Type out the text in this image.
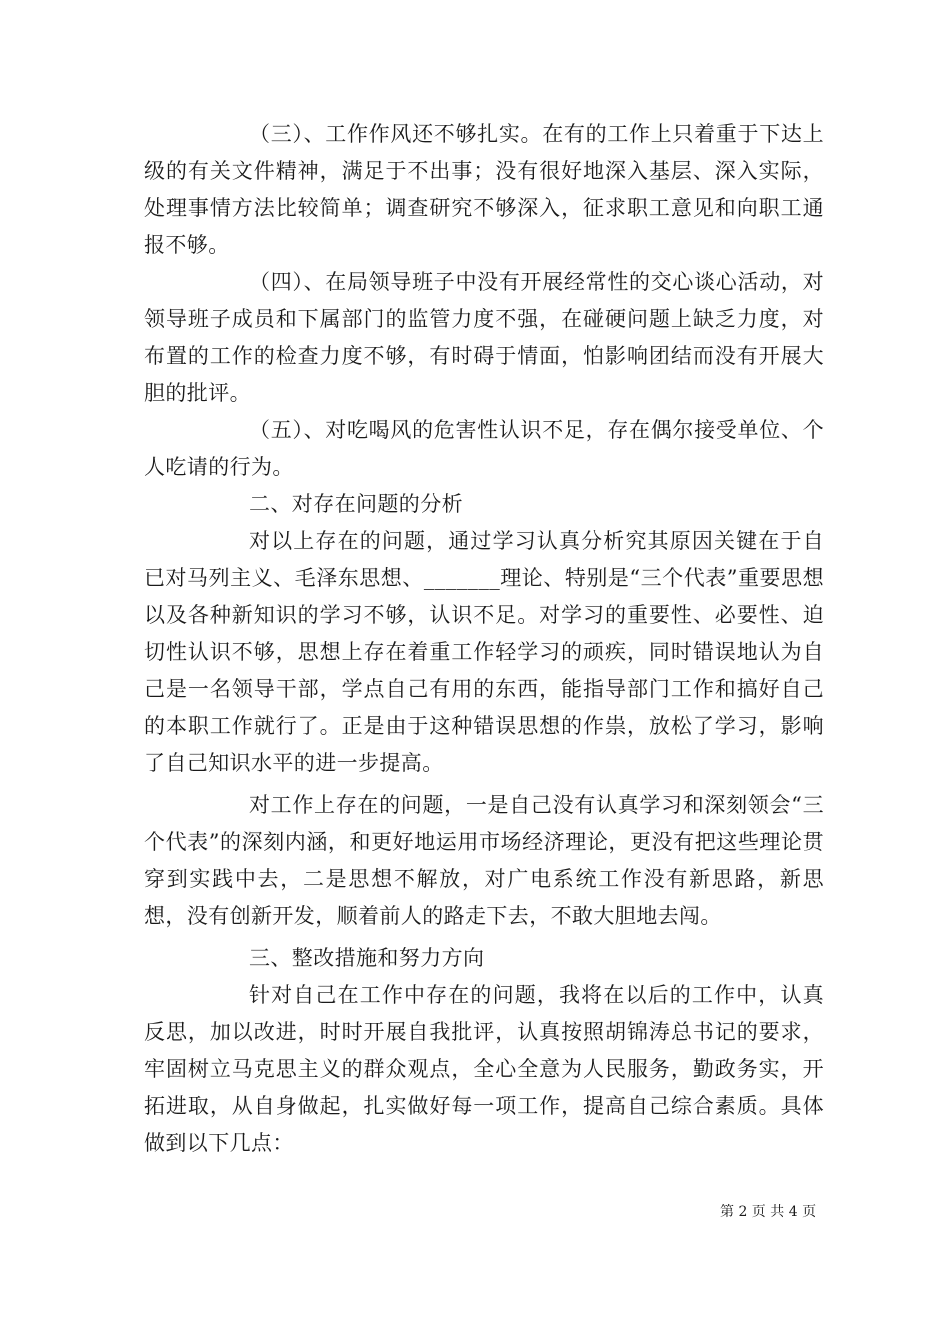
（三）、工作作风还不够扎实。在有的工作上只着重于下达上级的有关文件精神，满足于不出事；没有很好地深入基层、深入实际，处理事情方法比较简单；调查研究不够深入，征求职工意见和向职工通报不够。

（四）、在局领导班子中没有开展经常性的交心谈心活动，对领导班子成员和下属部门的监管力度不强，在碰硬问题上缺乏力度，对布置的工作的检查力度不够，有时碍于情面，怕影响团结而没有开展大胆的批评。

（五）、对吃喝风的危害性认识不足，存在偶尔接受单位、个人吃请的行为。

二、对存在问题的分析

对以上存在的问题，通过学习认真分析究其原因关键在于自已对马列主义、毛泽东思想、_______理论、特别是“三个代表”重要思想以及各种新知识的学习不够，认识不足。对学习的重要性、必要性、迫切性认识不够，思想上存在着重工作轻学习的顽疾，同时错误地认为自己是一名领导干部，学点自己有用的东西，能指导部门工作和搞好自己的本职工作就行了。正是由于这种错误思想的作祟，放松了学习，影响了自己知识水平的进一步提高。

对工作上存在的问题，一是自己没有认真学习和深刻领会“三个代表”的深刻内涵，和更好地运用市场经济理论，更没有把这些理论贯穿到实践中去，二是思想不解放，对广电系统工作没有新思路，新思想，没有创新开发，顺着前人的路走下去，不敢大胆地去闯。

三、整改措施和努力方向

针对自己在工作中存在的问题，我将在以后的工作中，认真反思，加以改进，时时开展自我批评，认真按照胡锦涛总书记的要求，牢固树立马克思主义的群众观点，全心全意为人民服务，勤政务实，开拓进取，从自身做起，扎实做好每一项工作，提高自己综合素质。具体做到以下几点：

第 2 页 共 4 页
